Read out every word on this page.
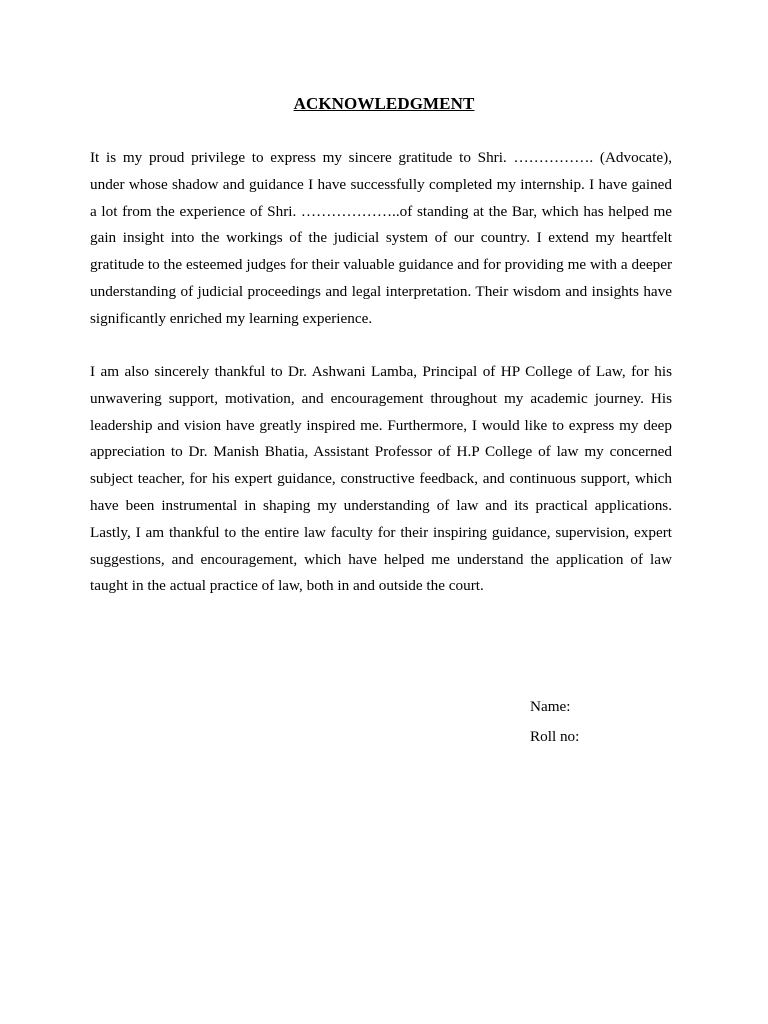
ACKNOWLEDGMENT

It is my proud privilege to express my sincere gratitude to Shri. ……………. (Advocate), under whose shadow and guidance I have successfully completed my internship. I have gained a lot from the experience of Shri. ………………..of standing at the Bar, which has helped me gain insight into the workings of the judicial system of our country. I extend my heartfelt gratitude to the esteemed judges for their valuable guidance and for providing me with a deeper understanding of judicial proceedings and legal interpretation. Their wisdom and insights have significantly enriched my learning experience.

I am also sincerely thankful to Dr. Ashwani Lamba, Principal of HP College of Law, for his unwavering support, motivation, and encouragement throughout my academic journey. His leadership and vision have greatly inspired me. Furthermore, I would like to express my deep appreciation to Dr. Manish Bhatia, Assistant Professor of H.P College of law my concerned subject teacher, for his expert guidance, constructive feedback, and continuous support, which have been instrumental in shaping my understanding of law and its practical applications. Lastly, I am thankful to the entire law faculty for their inspiring guidance, supervision, expert suggestions, and encouragement, which have helped me understand the application of law taught in the actual practice of law, both in and outside the court.

Name:

Roll no:
